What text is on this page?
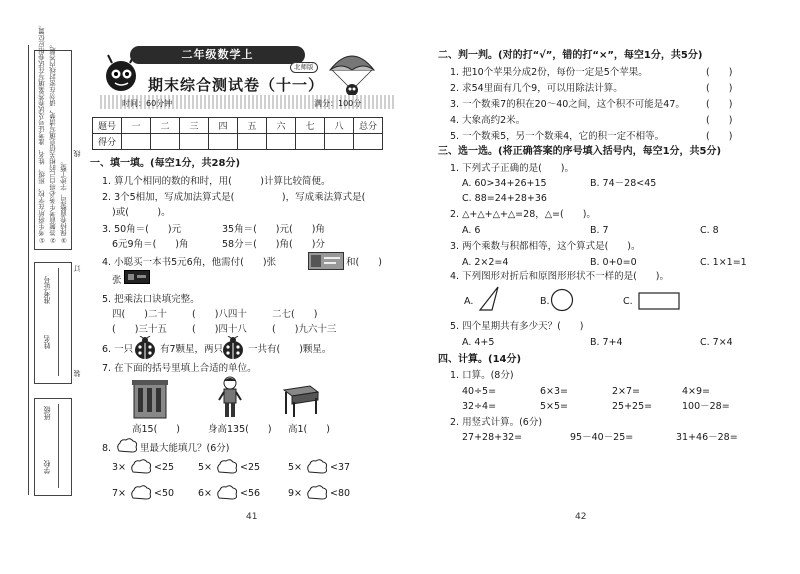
①考生将所在学校、班级、姓名、准考证号及试卷答案填写在试卷相应位置。 ②答题前考生务必将自己的相关信息填写清楚，请勿在密封线内答题。 ③保持卷面整洁，字迹工整。
线
订
装
姓名
准考证号
学校
班级
二年级数学上
北师版
期末综合测试卷（十一）
时间：60分钟	满分：100分
题号	一	二	三	四	五	六	七	八	总分
得分									
一、填一填。(每空1分，共28分)
1. 算几个相同的数的和时，用(　　　)计算比较简便。
2. 3个5相加，写成加法算式是(　　　　　)，写成乘法算式是(
)或(　　　)。
3. 50角＝(　　)元	35角＝(　　)元(　　)角
6元9角＝(　　)角	58分＝(　　)角(　　)分
4. 小聪买一本书5元6角，他需付(　　)张	和(　　)
张
5. 把乘法口诀填完整。
四(　　)二十	(　　)八四十	二七(　　)
(　　)三十五	(　　)四十八	(　　)九六十三
6. 一只	有7颗星，两只	一共有(　　)颗星。
7. 在下面的括号里填上合适的单位。
高15(　　)	身高135(　　) 高1(　　)
8.	里最大能填几？(6分)
3×	<25	5×	<25	5×	<37
7×	<50	6×	<56	9×	<80
二、判一判。(对的打“√”，错的打“×”，每空1分，共5分)
1. 把10个苹果分成2份，每份一定是5个苹果。	(　　)
2. 求54里面有几个9，可以用除法计算。	(　　)
3. 一个数乘7的积在20～40之间，这个积不可能是47。 (　　)
4. 大象高约2米。	(　　)
5. 一个数乘5，另一个数乘4，它的积一定不相等。	(　　)
三、选一选。(将正确答案的序号填入括号内，每空1分，共5分)
1. 下列式子正确的是(　　)。
A. 60>34+26+15	B. 74－28<45
C. 88=24+28+36
2. △+△+△+△=28，△=(　　)。
A. 6	B. 7	C. 8
3. 两个乘数与积都相等，这个算式是(　　)。
A. 2×2=4	B. 0+0=0	C. 1×1=1
4. 下列图形对折后和原图形形状不一样的是(　　)。
A.	B.	C.
5. 四个星期共有多少天？(　　)
A. 4+5	B. 7+4	C. 7×4
四、计算。(14分)
1. 口算。(8分)
40÷5=	6×3=	2×7=	4×9=
32÷4=	5×5=	25+25=	100－28=
2. 用竖式计算。(6分)
27+28+32=	95－40－25=	31+46－28=
41	42
